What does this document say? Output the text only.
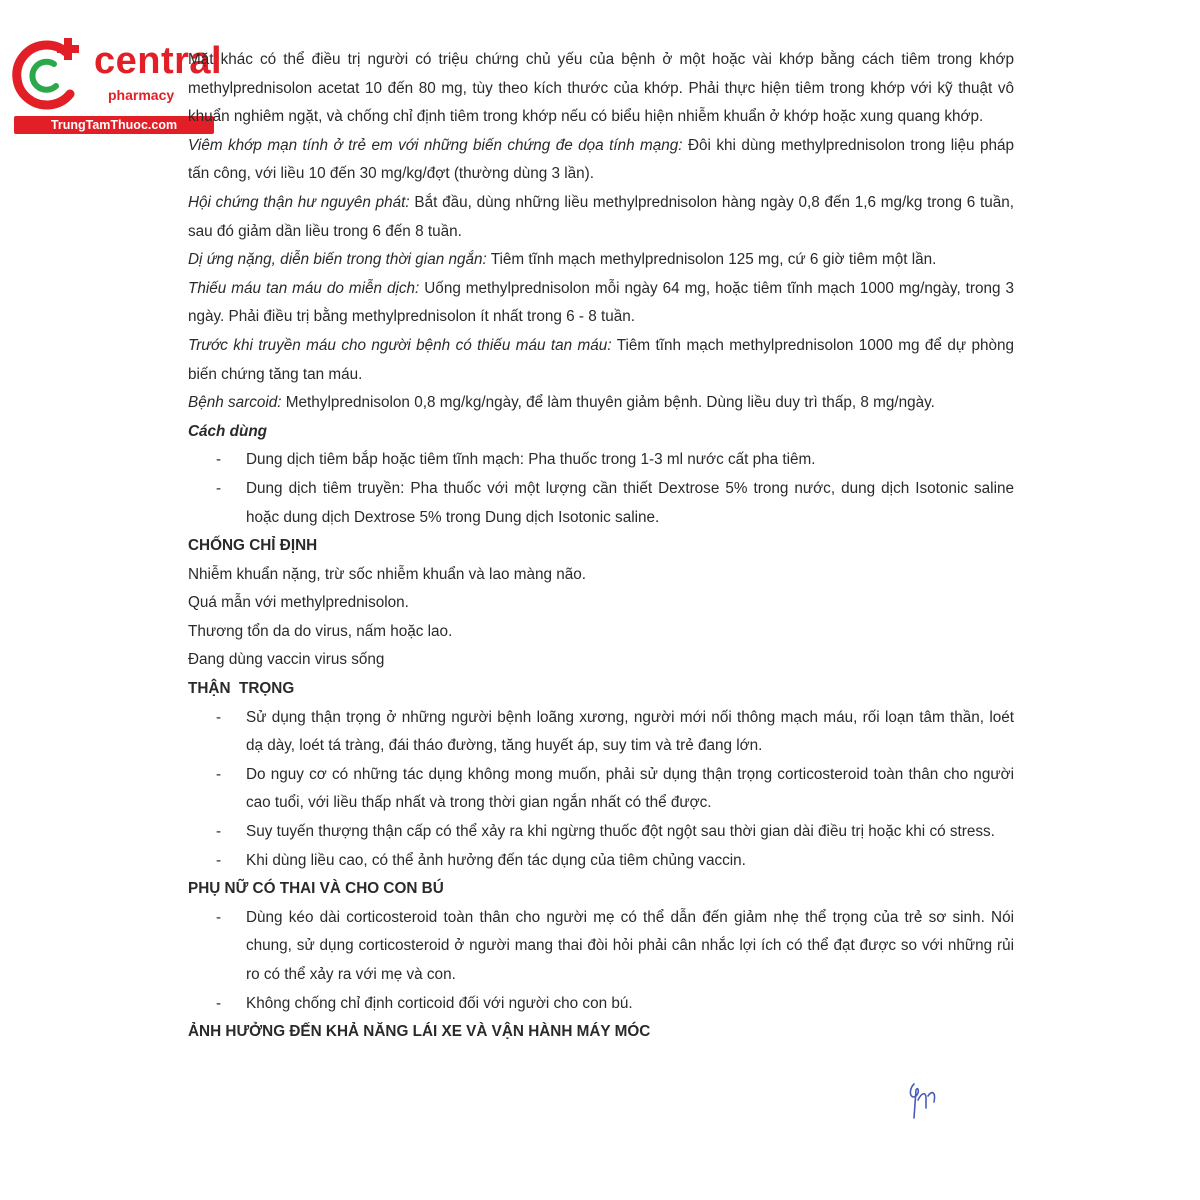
central
pharmacy
TrungTamThuoc.com

Mặt khác có thể điều trị người có triệu chứng chủ yếu của bệnh ở một hoặc vài khớp bằng cách tiêm trong khớp methylprednisolon acetat 10 đến 80 mg, tùy theo kích thước của khớp. Phải thực hiện tiêm trong khớp với kỹ thuật vô khuẩn nghiêm ngặt, và chống chỉ định tiêm trong khớp nếu có biểu hiện nhiễm khuẩn ở khớp hoặc xung quang khớp.

Viêm khớp mạn tính ở trẻ em với những biến chứng đe dọa tính mạng: Đôi khi dùng methylprednisolon trong liệu pháp tấn công, với liều 10 đến 30 mg/kg/đợt (thường dùng 3 lần).

Hội chứng thận hư nguyên phát: Bắt đầu, dùng những liều methylprednisolon hàng ngày 0,8 đến 1,6 mg/kg trong 6 tuần, sau đó giảm dần liều trong 6 đến 8 tuần.

Dị ứng nặng, diễn biến trong thời gian ngắn: Tiêm tĩnh mạch methylprednisolon 125 mg, cứ 6 giờ tiêm một lần.

Thiếu máu tan máu do miễn dịch: Uống methylprednisolon mỗi ngày 64 mg, hoặc tiêm tĩnh mạch 1000 mg/ngày, trong 3 ngày. Phải điều trị bằng methylprednisolon ít nhất trong 6 - 8 tuần.

Trước khi truyền máu cho người bệnh có thiếu máu tan máu: Tiêm tĩnh mạch methylprednisolon 1000 mg để dự phòng biến chứng tăng tan máu.

Bệnh sarcoid: Methylprednisolon 0,8 mg/kg/ngày, để làm thuyên giảm bệnh. Dùng liều duy trì thấp, 8 mg/ngày.

Cách dùng

- Dung dịch tiêm bắp hoặc tiêm tĩnh mạch: Pha thuốc trong 1-3 ml nước cất pha tiêm.
- Dung dịch tiêm truyền: Pha thuốc với một lượng cần thiết Dextrose 5% trong nước, dung dịch Isotonic saline hoặc dung dịch Dextrose 5% trong Dung dịch Isotonic saline.

CHỐNG CHỈ ĐỊNH

Nhiễm khuẩn nặng, trừ sốc nhiễm khuẩn và lao màng não.

Quá mẫn với methylprednisolon.

Thương tổn da do virus, nấm hoặc lao.

Đang dùng vaccin virus sống

THẬN  TRỌNG

- Sử dụng thận trọng ở những người bệnh loãng xương, người mới nối thông mạch máu, rối loạn tâm thần, loét dạ dày, loét tá tràng, đái tháo đường, tăng huyết áp, suy tim và trẻ đang lớn.
- Do nguy cơ có những tác dụng không mong muốn, phải sử dụng thận trọng corticosteroid toàn thân cho người cao tuổi, với liều thấp nhất và trong thời gian ngắn nhất có thể được.
- Suy tuyến thượng thận cấp có thể xảy ra khi ngừng thuốc đột ngột sau thời gian dài điều trị hoặc khi có stress.
- Khi dùng liều cao, có thể ảnh hưởng đến tác dụng của tiêm chủng vaccin.

PHỤ NỮ CÓ THAI VÀ CHO CON BÚ

- Dùng kéo dài corticosteroid toàn thân cho người mẹ có thể dẫn đến giảm nhẹ thể trọng của trẻ sơ sinh. Nói chung, sử dụng corticosteroid ở người mang thai đòi hỏi phải cân nhắc lợi ích có thể đạt được so với những rủi ro có thể xảy ra với mẹ và con.
- Không chống chỉ định corticoid đối với người cho con bú.

ẢNH HƯỞNG ĐẾN KHẢ NĂNG LÁI XE VÀ VẬN HÀNH MÁY MÓC
